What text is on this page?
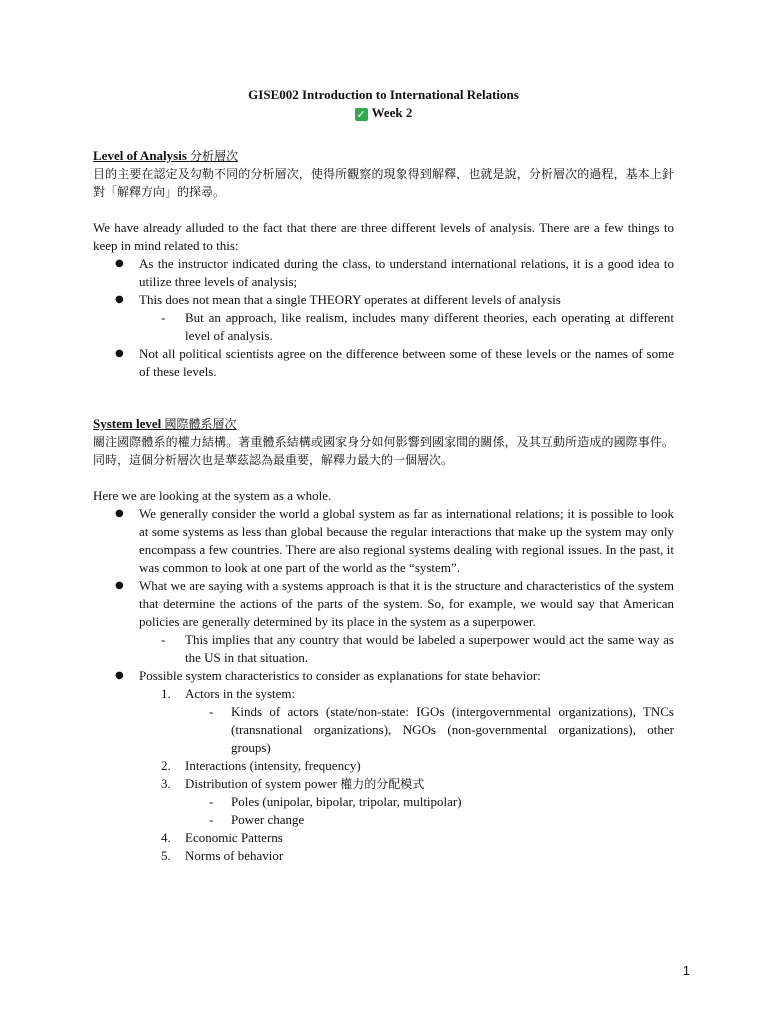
GISE002 Introduction to International Relations
✓ Week 2
Level of Analysis 分析層次

目的主要在認定及勾勒不同的分析層次，使得所觀察的現象得到解釋，也就是說，分析層次的過程，基本上針對「解釋方向」的探尋。

We have already alluded to the fact that there are three different levels of analysis. There are a few things to keep in mind related to this:

● As the instructor indicated during the class, to understand international relations, it is a good idea to utilize three levels of analysis;
● This does not mean that a single THEORY operates at different levels of analysis
- But an approach, like realism, includes many different theories, each operating at different level of analysis.
● Not all political scientists agree on the difference between some of these levels or the names of some of these levels.
System level 國際體系層次

關注國際體系的權力結構。著重體系結構或國家身分如何影響到國家間的關係，及其互動所造成的國際事件。同時，這個分析層次也是華茲認為最重要，解釋力最大的一個層次。

Here we are looking at the system as a whole.

● We generally consider the world a global system as far as international relations; it is possible to look at some systems as less than global because the regular interactions that make up the system may only encompass a few countries. There are also regional systems dealing with regional issues. In the past, it was common to look at one part of the world as the “system”.
● What we are saying with a systems approach is that it is the structure and characteristics of the system that determine the actions of the parts of the system. So, for example, we would say that American policies are generally determined by its place in the system as a superpower.
- This implies that any country that would be labeled a superpower would act the same way as the US in that situation.
● Possible system characteristics to consider as explanations for state behavior:
1. Actors in the system:
- Kinds of actors (state/non-state: IGOs (intergovernmental organizations), TNCs (transnational organizations), NGOs (non-governmental organizations), other groups)
2. Interactions (intensity, frequency)
3. Distribution of system power 權力的分配模式
- Poles (unipolar, bipolar, tripolar, multipolar)
- Power change
4. Economic Patterns
5. Norms of behavior
1
